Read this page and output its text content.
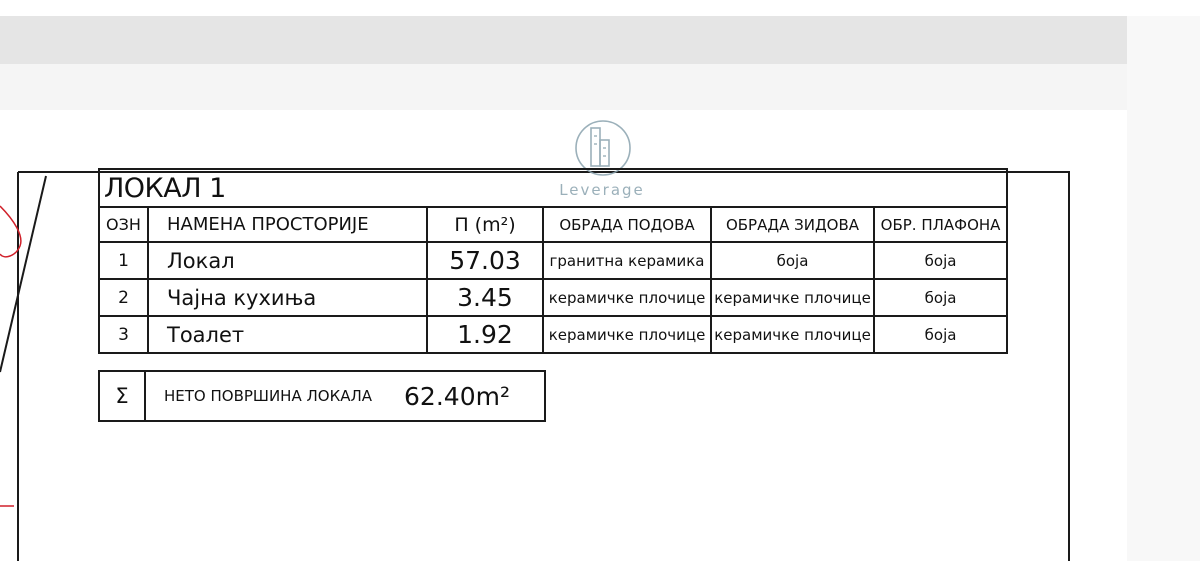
Leverage
ЛОКАЛ 1					
ОЗН	НАМЕНА ПРОСТОРИЈЕ	П (m²)	ОБРАДА ПОДОВА	ОБРАДА ЗИДОВА	ОБР. ПЛАФОНА
1	Локал	57.03	гранитна керамика	боја	боја
2	Чајна кухиња	3.45	керамичке плочице	керамичке плочице	боја
3	Тоалет	1.92	керамичке плочице	керамичке плочице	боја
Σ	НЕТО ПОВРШИНА ЛОКАЛА 62.40m²
